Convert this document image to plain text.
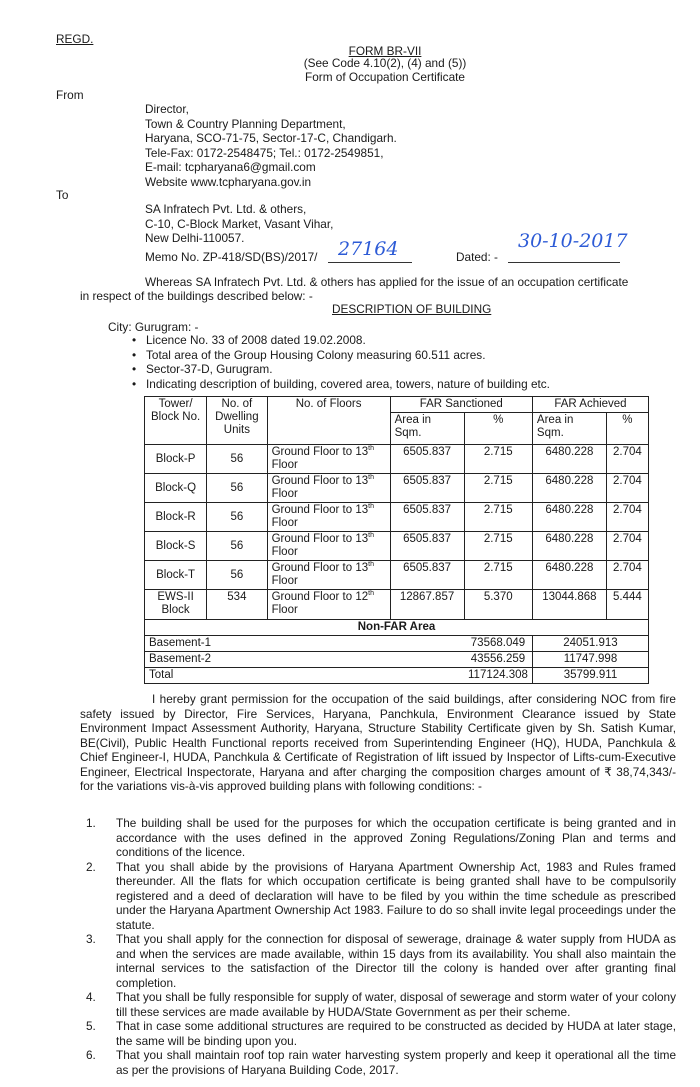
REGD.
FORM BR-VII
(See Code 4.10(2), (4) and (5))
Form of Occupation Certificate
From
Director,
Town & Country Planning Department,
Haryana, SCO-71-75, Sector-17-C, Chandigarh.
Tele-Fax: 0172-2548475; Tel.: 0172-2549851,
E-mail: tcpharyana6@gmail.com
Website www.tcpharyana.gov.in
To
SA Infratech Pvt. Ltd. & others,
C-10, C-Block Market, Vasant Vihar,
New Delhi-110057.
Memo No. ZP-418/SD(BS)/2017/ 27164	Dated: -
30-10-2017
Whereas SA Infratech Pvt. Ltd. & others has applied for the issue of an occupation certificate
in respect of the buildings described below: -
DESCRIPTION OF BUILDING
City: Gurugram: -
• Licence No. 33 of 2008 dated 19.02.2008.
• Total area of the Group Housing Colony measuring 60.511 acres.
• Sector-37-D, Gurugram.
• Indicating description of building, covered area, towers, nature of building etc.
Tower/ Block No.	No. of Dwelling Units	No. of Floors	FAR Sanctioned		FAR Achieved	
			Area in Sqm.	%	Area in Sqm.	%
Block-P	56	Ground Floor to 13th
Floor	6505.837	2.715	6480.228	2.704
Block-Q	56	Ground Floor to 13th
Floor	6505.837	2.715	6480.228	2.704
Block-R	56	Ground Floor to 13th
Floor	6505.837	2.715	6480.228	2.704
Block-S	56	Ground Floor to 13th
Floor	6505.837	2.715	6480.228	2.704
Block-T	56	Ground Floor to 13th
Floor	6505.837	2.715	6480.228	2.704
EWS-II Block	534	Ground Floor to 12th
Floor	12867.857	5.370	13044.868	5.444
Non-FAR Area						
Basement-1				73568.049	24051.913	
Basement-2				43556.259	11747.998	
Total				117124.308	35799.911	
I hereby grant permission for the occupation of the said buildings, after considering NOC from fire safety issued by Director, Fire Services, Haryana, Panchkula, Environment Clearance issued by State Environment Impact Assessment Authority, Haryana, Structure Stability Certificate given by Sh. Satish Kumar, BE(Civil), Public Health Functional reports received from Superintending Engineer (HQ), HUDA, Panchkula & Chief Engineer-I, HUDA, Panchkula & Certificate of Registration of lift issued by Inspector of Lifts-cum-Executive Engineer, Electrical Inspectorate, Haryana and after charging the composition charges amount of ₹ 38,74,343/- for the variations vis-à-vis approved building plans with following conditions: -
1. The building shall be used for the purposes for which the occupation certificate is being granted and in accordance with the uses defined in the approved Zoning Regulations/Zoning Plan and terms and conditions of the licence.
2. That you shall abide by the provisions of Haryana Apartment Ownership Act, 1983 and Rules framed thereunder. All the flats for which occupation certificate is being granted shall have to be compulsorily registered and a deed of declaration will have to be filed by you within the time schedule as prescribed under the Haryana Apartment Ownership Act 1983. Failure to do so shall invite legal proceedings under the statute.
3. That you shall apply for the connection for disposal of sewerage, drainage & water supply from HUDA as and when the services are made available, within 15 days from its availability. You shall also maintain the internal services to the satisfaction of the Director till the colony is handed over after granting final completion.
4. That you shall be fully responsible for supply of water, disposal of sewerage and storm water of your colony till these services are made available by HUDA/State Government as per their scheme.
5. That in case some additional structures are required to be constructed as decided by HUDA at later stage, the same will be binding upon you.
6. That you shall maintain roof top rain water harvesting system properly and keep it operational all the time as per the provisions of Haryana Building Code, 2017.
